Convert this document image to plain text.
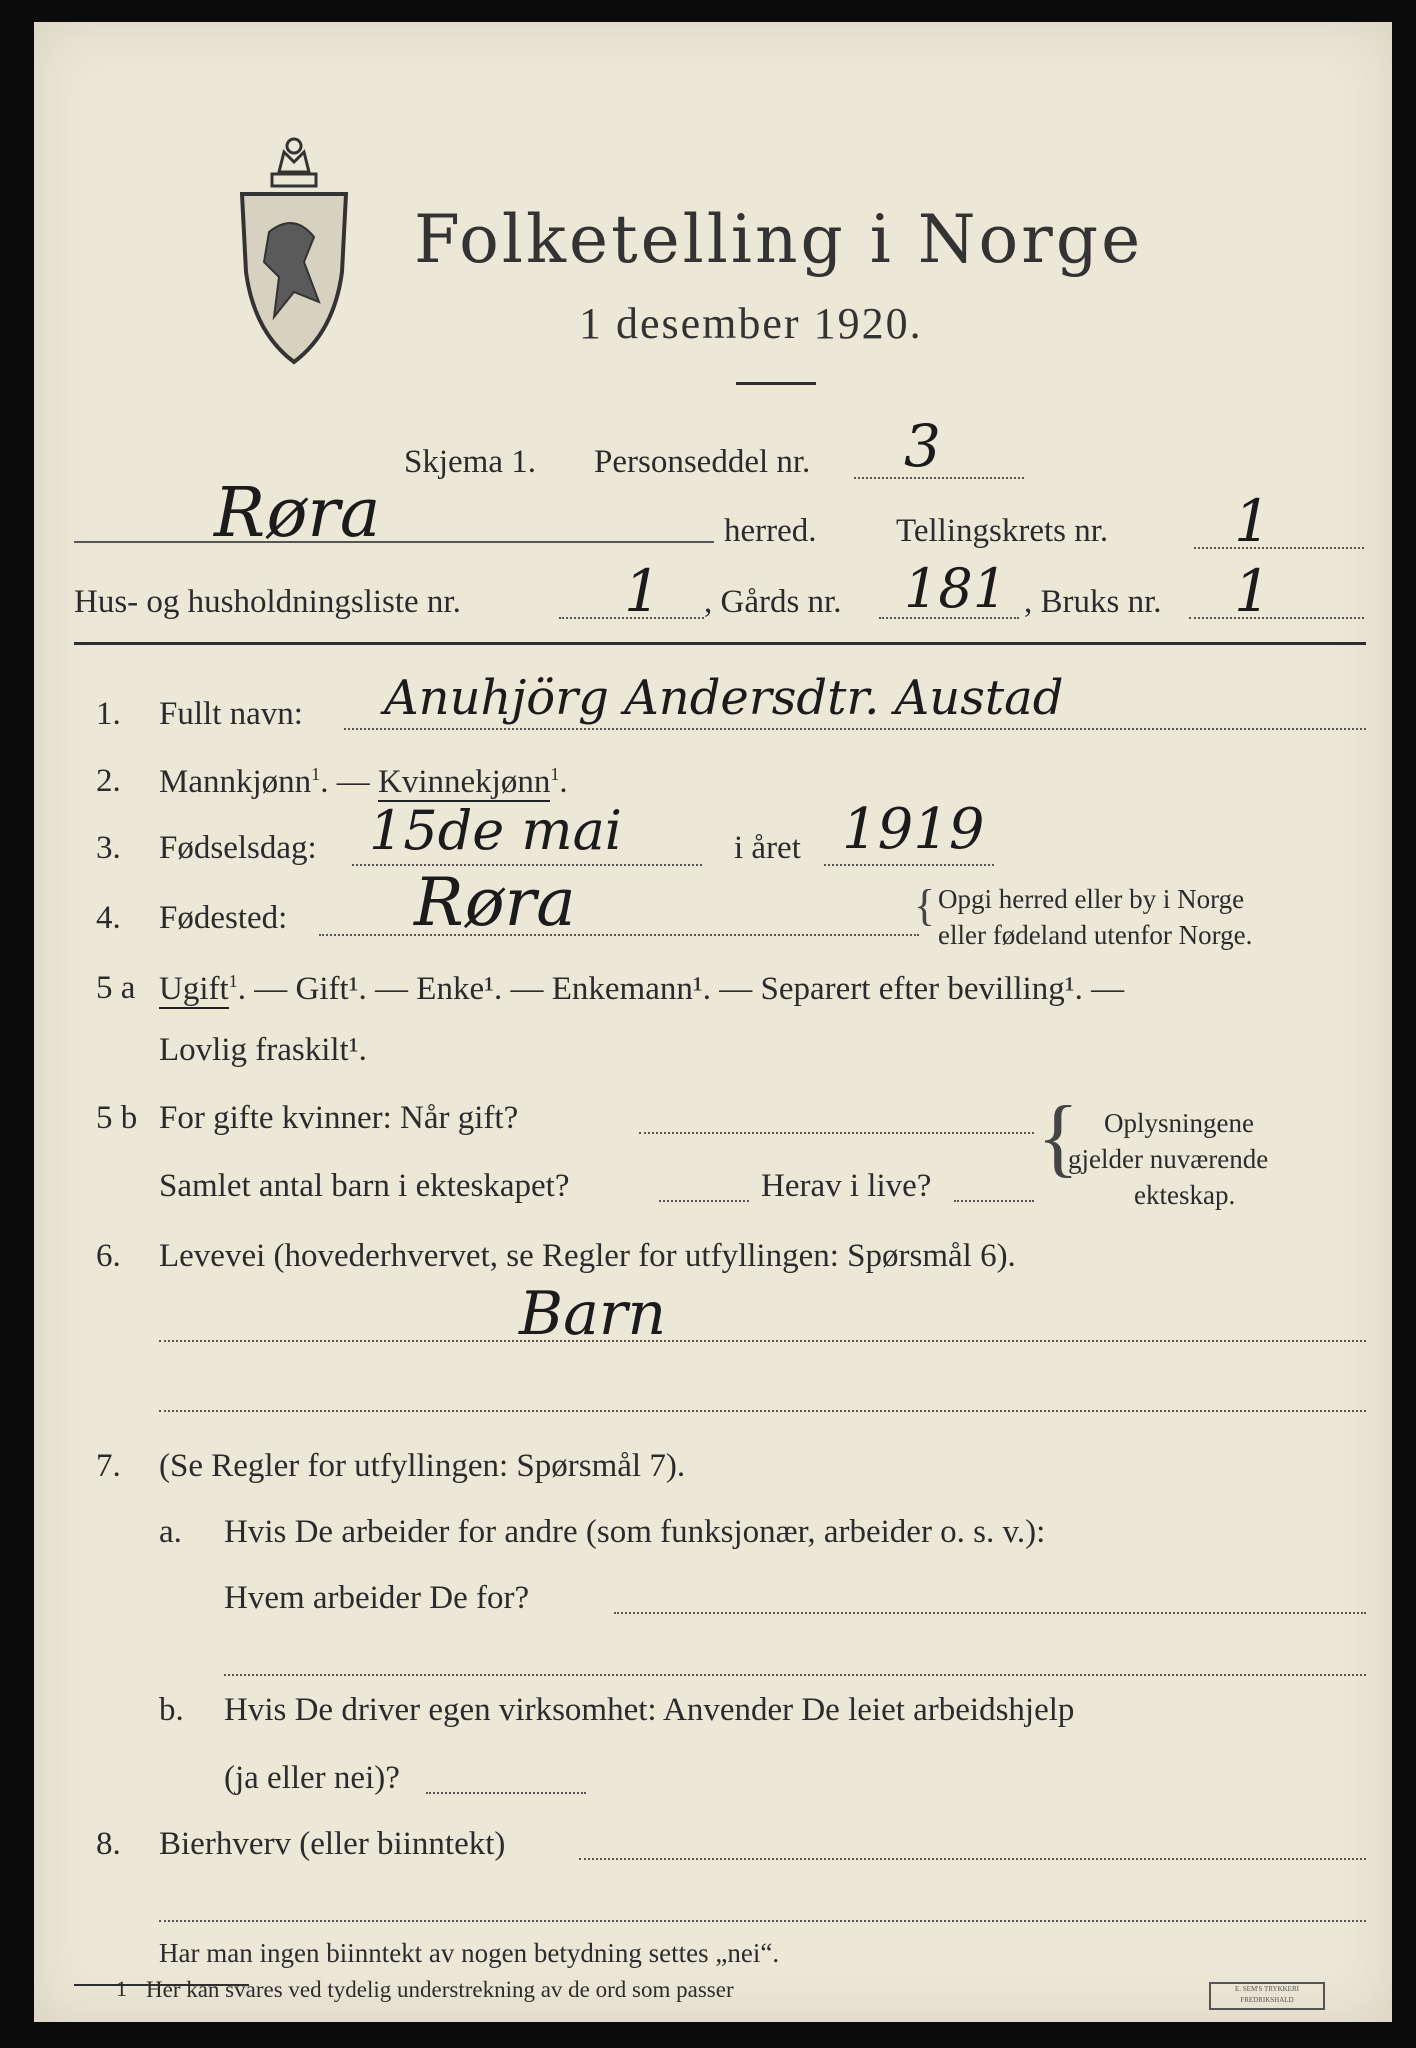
Folketelling i Norge
1 desember 1920.
Skjema 1. Personseddel nr. 3
Røra	herred. Tellingskrets nr. 1
Hus- og husholdningsliste nr.	1 , Gårds nr. 181 , Bruks nr. 1
1. Fullt navn: Anuhjörg Andersdtr. Austad
2. Mannkjønn$^1$. — Kvinnekjønn$^1$.
3. Fødselsdag: 15de mai	i året 1919
4. Fødested: Røra	{ Opgi herred eller by i Norge
eller fødeland utenfor Norge.
5 a Ugift$^1$. — Gift¹. — Enke¹. — Enkemann¹. — Separert efter bevilling¹. —
Lovlig fraskilt¹.
5 b For gifte kvinner: Når gift?
Samlet antal barn i ekteskapet?	Herav i live? { Oplysningene
gjelder nuværende
ekteskap.
6. Levevei (hovederhvervet, se Regler for utfyllingen: Spørsmål 6).
Barn
7. (Se Regler for utfyllingen: Spørsmål 7).
a. Hvis De arbeider for andre (som funksjonær, arbeider o. s. v.):
Hvem arbeider De for?
b. Hvis De driver egen virksomhet: Anvender De leiet arbeidshjelp
(ja eller nei)?
8. Bierhverv (eller biinntekt)
Har man ingen biinntekt av nogen betydning settes „nei“.
1 Her kan svares ved tydelig understrekning av de ord som passer	E. SEM'S TRYKKERI FREDRIKSHALD
